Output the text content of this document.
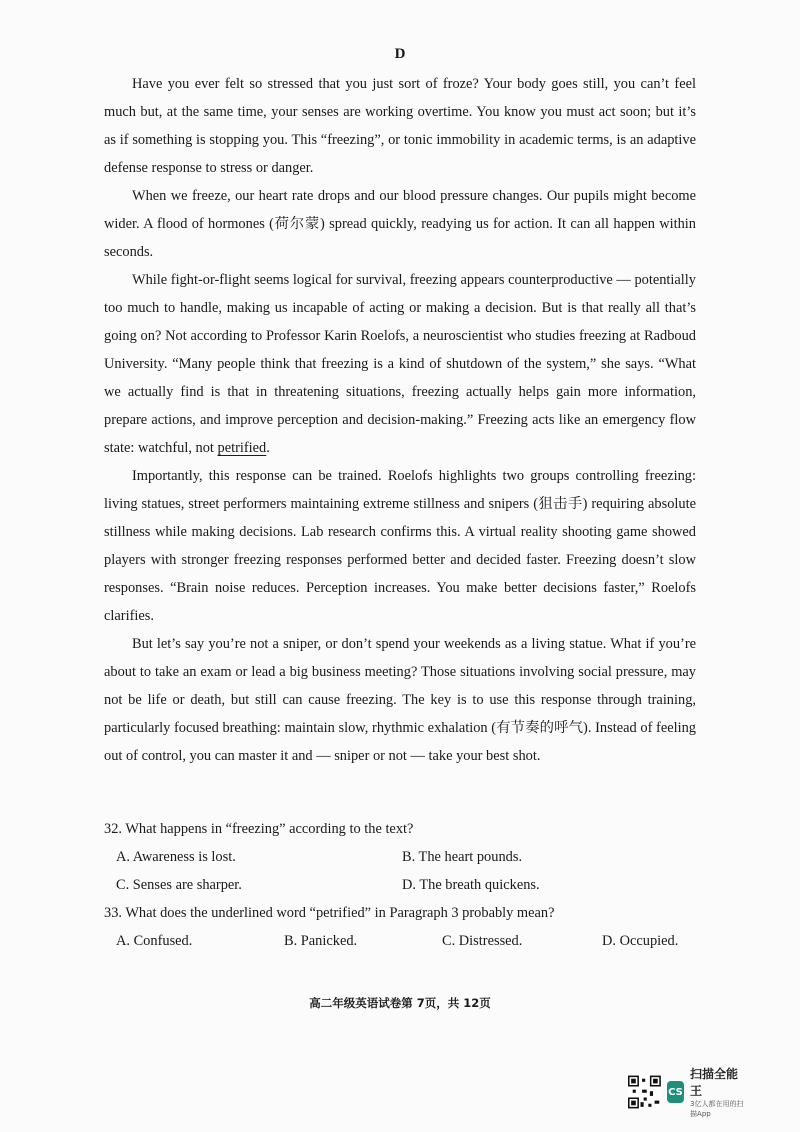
D

Have you ever felt so stressed that you just sort of froze? Your body goes still, you can’t feel much but, at the same time, your senses are working overtime. You know you must act soon; but it’s as if something is stopping you. This “freezing”, or tonic immobility in academic terms, is an adaptive defense response to stress or danger.

When we freeze, our heart rate drops and our blood pressure changes. Our pupils might become wider. A flood of hormones (荷尔蒙) spread quickly, readying us for action. It can all happen within seconds.

While fight-or-flight seems logical for survival, freezing appears counterproductive — potentially too much to handle, making us incapable of acting or making a decision. But is that really all that’s going on? Not according to Professor Karin Roelofs, a neuroscientist who studies freezing at Radboud University. “Many people think that freezing is a kind of shutdown of the system,” she says. “What we actually find is that in threatening situations, freezing actually helps gain more information, prepare actions, and improve perception and decision-making.” Freezing acts like an emergency flow state: watchful, not petrified.

Importantly, this response can be trained. Roelofs highlights two groups controlling freezing: living statues, street performers maintaining extreme stillness and snipers (狙击手) requiring absolute stillness while making decisions. Lab research confirms this. A virtual reality shooting game showed players with stronger freezing responses performed better and decided faster. Freezing doesn’t slow responses. “Brain noise reduces. Perception increases. You make better decisions faster,” Roelofs clarifies.

But let’s say you’re not a sniper, or don’t spend your weekends as a living statue. What if you’re about to take an exam or lead a big business meeting? Those situations involving social pressure, may not be life or death, but still can cause freezing. The key is to use this response through training, particularly focused breathing: maintain slow, rhythmic exhalation (有节奏的呼气). Instead of feeling out of control, you can master it and — sniper or not — take your best shot.

32. What happens in “freezing” according to the text?
A. Awareness is lost.	B. The heart pounds.
C. Senses are sharper.	D. The breath quickens.
33. What does the underlined word “petrified” in Paragraph 3 probably mean?
A. Confused.	B. Panicked.	C. Distressed.	D. Occupied.
高二年级英语试卷第 7页，共 12页
CS
扫描全能王
3亿人都在用的扫描App
